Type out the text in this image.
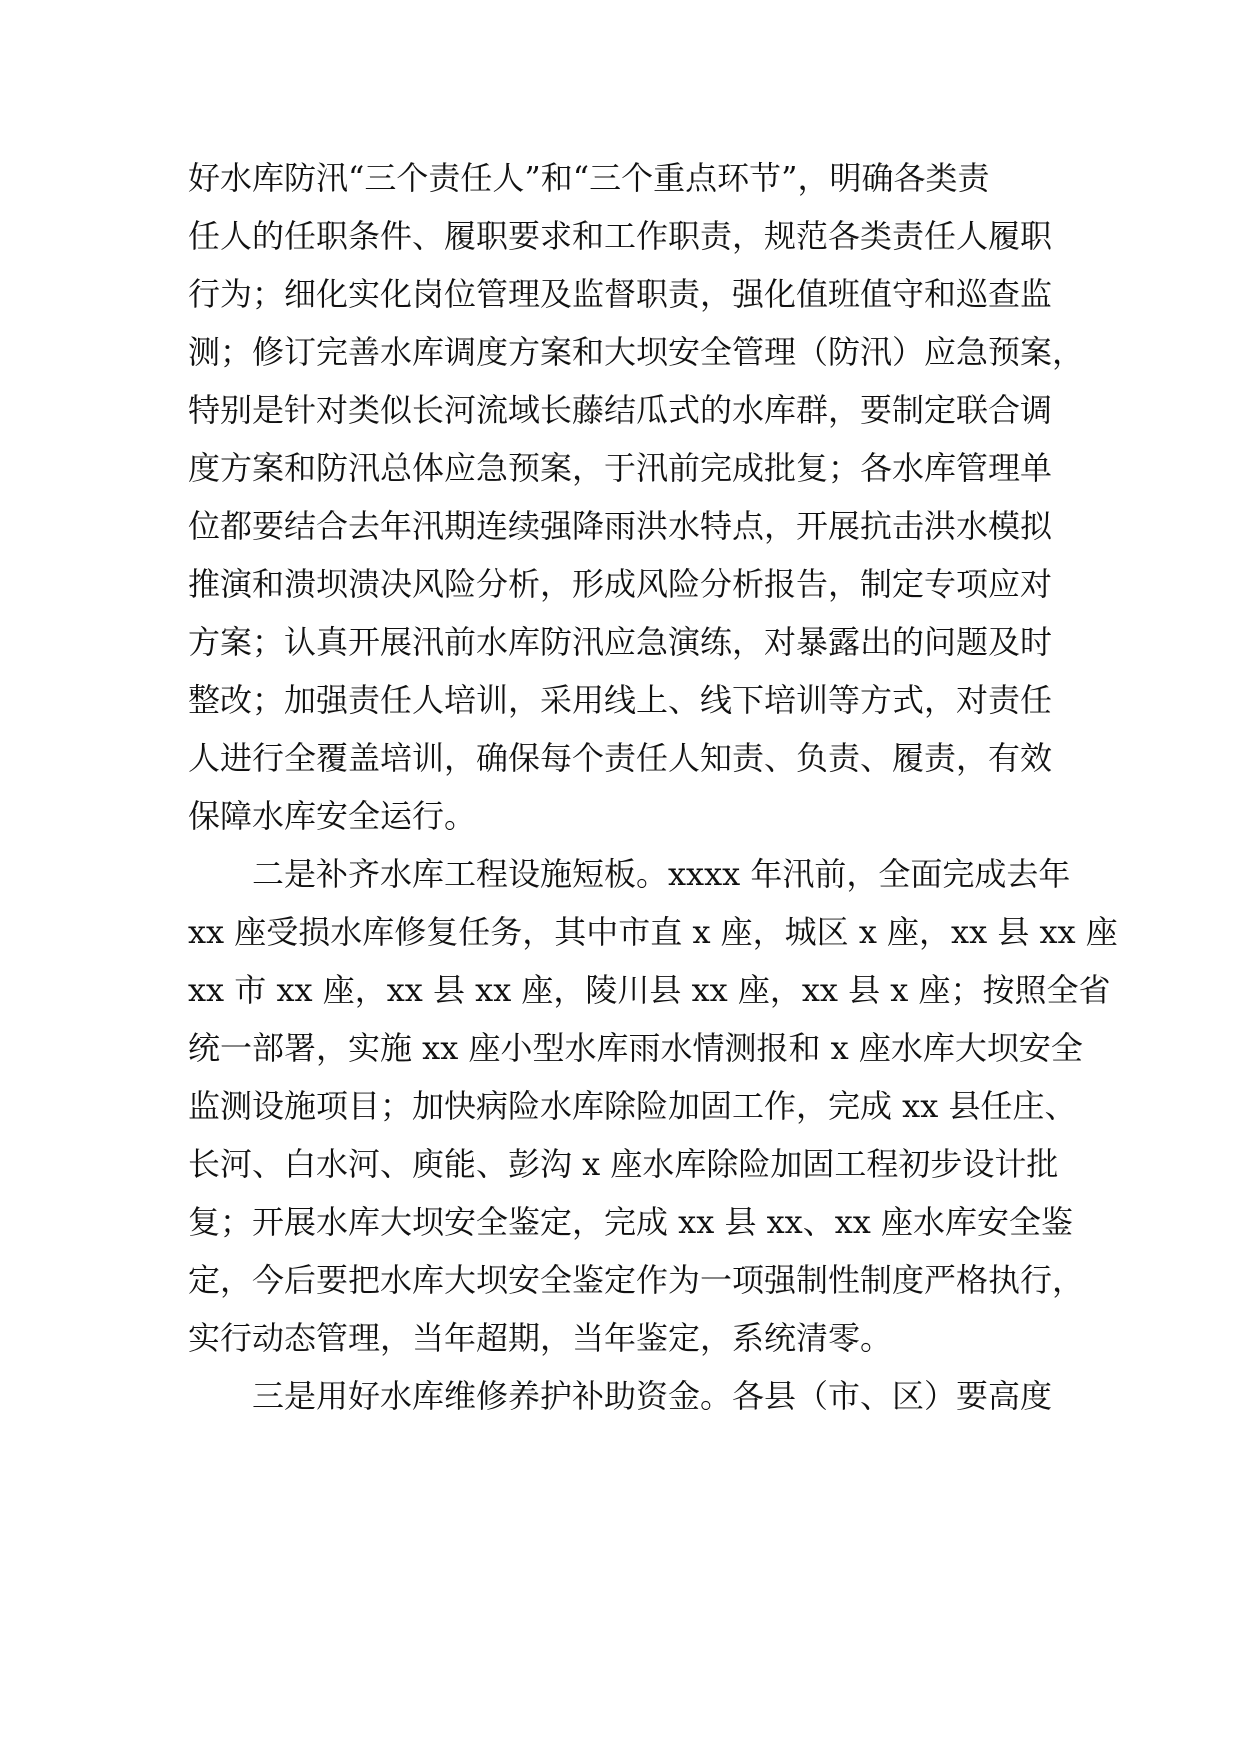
好水库防汛“三个责任人”和“三个重点环节”，明确各类责
任人的任职条件、履职要求和工作职责，规范各类责任人履职
行为；细化实化岗位管理及监督职责，强化值班值守和巡查监
测；修订完善水库调度方案和大坝安全管理（防汛）应急预案，
特别是针对类似长河流域长藤结瓜式的水库群，要制定联合调
度方案和防汛总体应急预案，于汛前完成批复；各水库管理单
位都要结合去年汛期连续强降雨洪水特点，开展抗击洪水模拟
推演和溃坝溃决风险分析，形成风险分析报告，制定专项应对
方案；认真开展汛前水库防汛应急演练，对暴露出的问题及时
整改；加强责任人培训，采用线上、线下培训等方式，对责任
人进行全覆盖培训，确保每个责任人知责、负责、履责，有效
保障水库安全运行。
二是补齐水库工程设施短板。xxxx 年汛前，全面完成去年
xx 座受损水库修复任务，其中市直 x 座，城区 x 座，xx 县 xx 座
xx 市 xx 座，xx 县 xx 座，陵川县 xx 座，xx 县 x 座；按照全省
统一部署，实施 xx 座小型水库雨水情测报和 x 座水库大坝安全
监测设施项目；加快病险水库除险加固工作，完成 xx 县任庄、
长河、白水河、庾能、彭沟 x 座水库除险加固工程初步设计批
复；开展水库大坝安全鉴定，完成 xx 县 xx、xx 座水库安全鉴
定，今后要把水库大坝安全鉴定作为一项强制性制度严格执行，
实行动态管理，当年超期，当年鉴定，系统清零。
三是用好水库维修养护补助资金。各县（市、区）要高度
